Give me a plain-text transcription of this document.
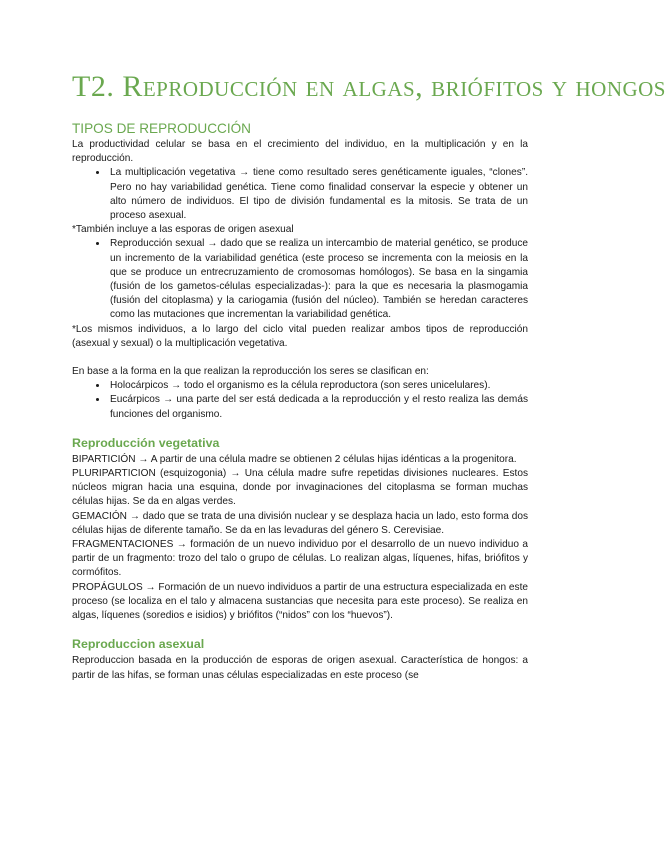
T2. Reproducción en algas, briófitos y hongos
TIPOS DE REPRODUCCIÓN

La productividad celular se basa en el crecimiento del individuo, en la multiplicación y en la reproducción.

• La multiplicación vegetativa → tiene como resultado seres genéticamente iguales, “clones”. Pero no hay variabilidad genética. Tiene como finalidad conservar la especie y obtener un alto número de individuos. El tipo de división fundamental es la mitosis. Se trata de un proceso asexual.

*También incluye a las esporas de origen asexual

• Reproducción sexual → dado que se realiza un intercambio de material genético, se produce un incremento de la variabilidad genética (este proceso se incrementa con la meiosis en la que se produce un entrecruzamiento de cromosomas homólogos). Se basa en la singamia (fusión de los gametos-células especializadas-): para la que es necesaria la plasmogamia (fusión del citoplasma) y la cariogamia (fusión del núcleo). También se heredan caracteres como las mutaciones que incrementan la variabilidad genética.

*Los mismos individuos, a lo largo del ciclo vital pueden realizar ambos tipos de reproducción (asexual y sexual) o la multiplicación vegetativa.

En base a la forma en la que realizan la reproducción los seres se clasifican en:

• Holocárpicos → todo el organismo es la célula reproductora (son seres unicelulares).
• Eucárpicos → una parte del ser está dedicada a la reproducción y el resto realiza las demás funciones del organismo.
Reproducción vegetativa

BIPARTICIÓN → A partir de una célula madre se obtienen 2 células hijas idénticas a la progenitora.

PLURIPARTICION (esquizogonia) → Una célula madre sufre repetidas divisiones nucleares. Estos núcleos migran hacia una esquina, donde por invaginaciones del citoplasma se forman muchas células hijas. Se da en algas verdes.

GEMACIÓN → dado que se trata de una división nuclear y se desplaza hacia un lado, esto forma dos células hijas de diferente tamaño. Se da en las levaduras del género S. Cerevisiae.

FRAGMENTACIONES → formación de un nuevo individuo por el desarrollo de un nuevo individuo a partir de un fragmento: trozo del talo o grupo de células. Lo realizan algas, líquenes, hifas, briófitos y cormófitos.

PROPÁGULOS → Formación de un nuevo individuos a partir de una estructura especializada en este proceso (se localiza en el talo y almacena sustancias que necesita para este proceso). Se realiza en algas, líquenes (soredios e isidios) y briófitos (“nidos” con los “huevos”).

Reproduccion asexual

Reproduccion basada en la producción de esporas de origen asexual. Característica de hongos: a partir de las hifas, se forman unas células especializadas en este proceso (se
